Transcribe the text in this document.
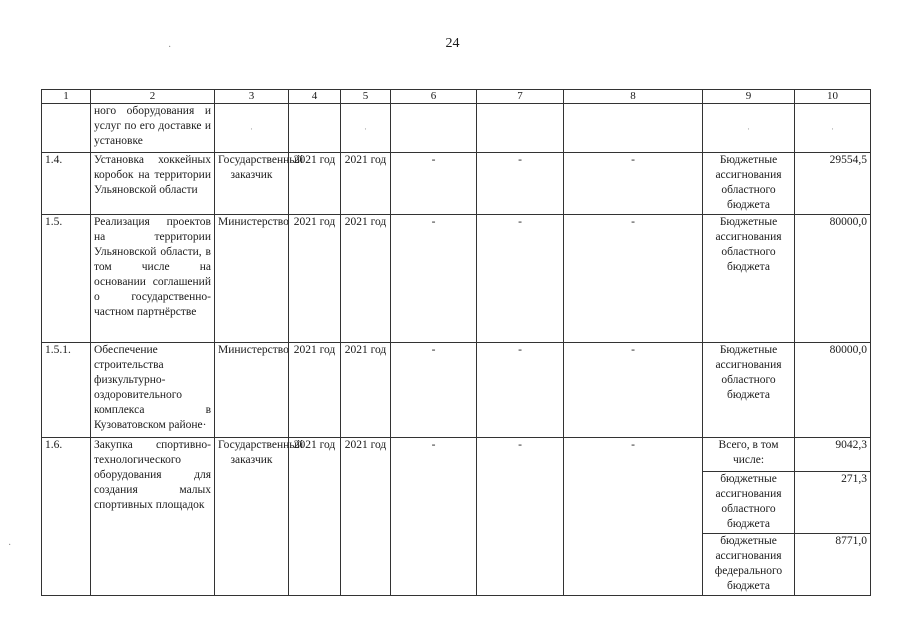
24
·
·
1	2	3	4	5	6	7	8	9	10
	ного оборудования и услуг по его доставке и установке	·		·				·	·

1.4.	Установка хоккейных коробок на территории Ульяновской области	Государственный заказчик	2021 год	2021 год	-	-	-	Бюджетные ассигнования областного бюджета	29554,5
1.5.	Реализация проектов на территории Ульяновской области, в том числе на основании соглашений о государственно-частном партнёрстве	Министерство	2021 год	2021 год	-	-	-	Бюджетные ассигнования областного бюджета	80000,0
1.5.1.	Обеспечение строительства физкультурно-оздоровительного комплекса в Кузоватовском районе·	Министерство	2021 год	2021 год	-	-	-	Бюджетные ассигнования областного бюджета	80000,0
1.6.	Закупка спортивно-технологического оборудования для создания малых спортивных площадок	Государственный заказчик	2021 год	2021 год	-	-	-	Всего, в том числе:	9042,3
								бюджетные ассигнования областного бюджета	271,3
								бюджетные ассигнования федерального бюджета	8771,0
